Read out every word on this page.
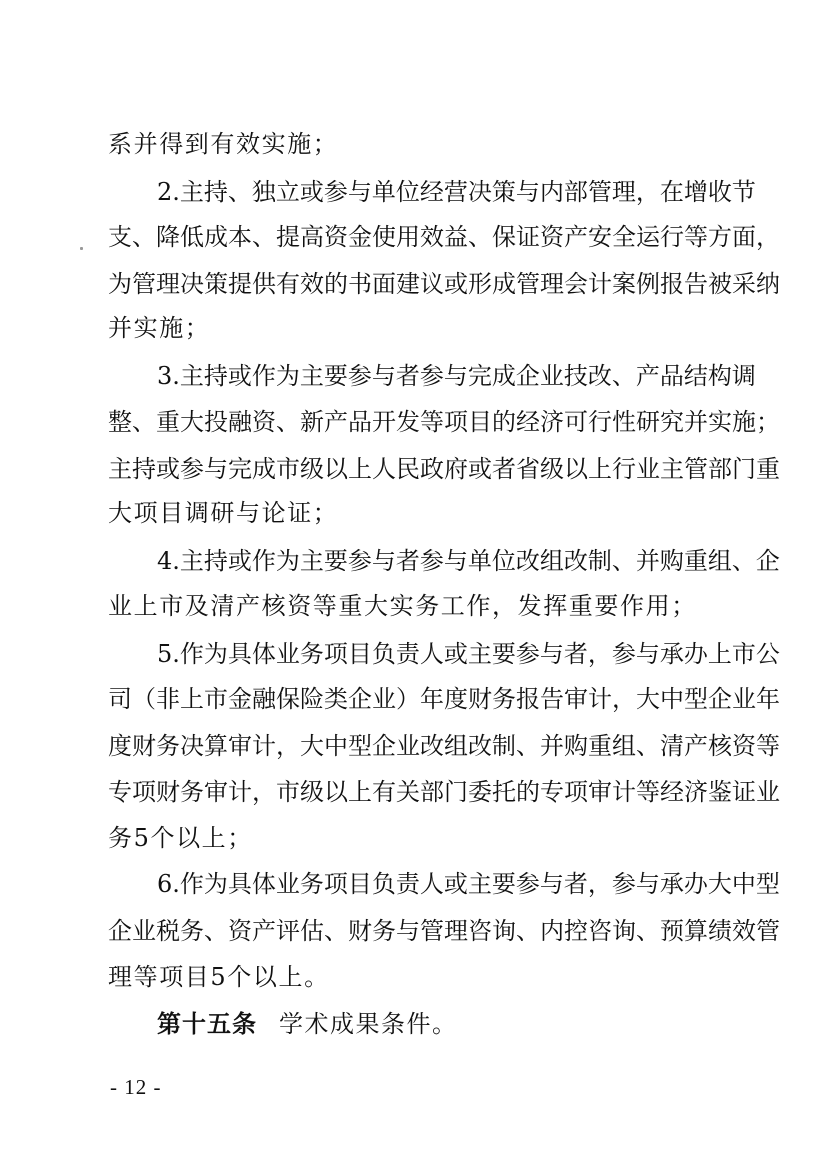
系并得到有效实施；
2.主持、独立或参与单位经营决策与内部管理，在增收节
支、降低成本、提高资金使用效益、保证资产安全运行等方面，
为管理决策提供有效的书面建议或形成管理会计案例报告被采纳
并实施；
3.主持或作为主要参与者参与完成企业技改、产品结构调
整、重大投融资、新产品开发等项目的经济可行性研究并实施；
主持或参与完成市级以上人民政府或者省级以上行业主管部门重
大项目调研与论证；
4.主持或作为主要参与者参与单位改组改制、并购重组、企
业上市及清产核资等重大实务工作，发挥重要作用；
5.作为具体业务项目负责人或主要参与者，参与承办上市公
司（非上市金融保险类企业）年度财务报告审计，大中型企业年
度财务决算审计，大中型企业改组改制、并购重组、清产核资等
专项财务审计，市级以上有关部门委托的专项审计等经济鉴证业
务5个以上；
6.作为具体业务项目负责人或主要参与者，参与承办大中型
企业税务、资产评估、财务与管理咨询、内控咨询、预算绩效管
理等项目5个以上。
第十五条 学术成果条件。
- 12 -
